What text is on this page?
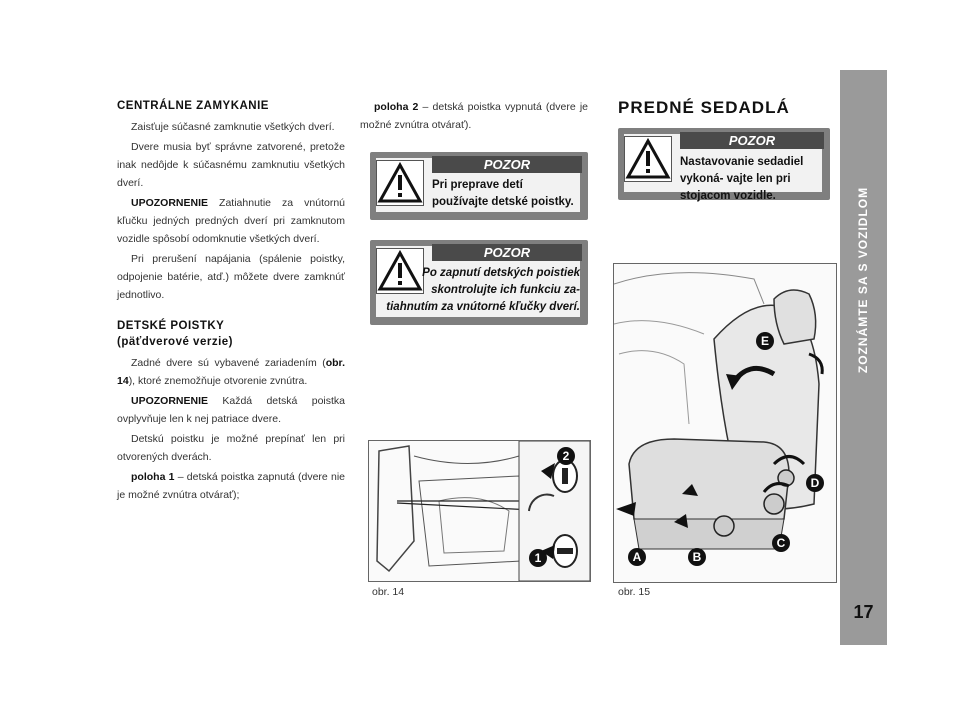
ZOZNÁMTE SA S VOZIDLOM
17
CENTRÁLNE ZAMYKANIE

Zaisťuje súčasné zamknutie všetkých dverí.

Dvere musia byť správne zatvorené, pretože inak nedôjde k súčasnému zamknutiu všetkých dverí.

UPOZORNENIE Zatiahnutie za vnútornú kľučku jedných predných dverí pri zamknutom vozidle spôsobí odomknutie všetkých dverí.

Pri prerušení napájania (spálenie poistky, odpojenie batérie, atď.) môžete dvere zamknúť jednotlivo.

DETSKÉ POISTKY
(päťdverové verzie)

Zadné dvere sú vybavené zariadením (obr. 14), ktoré znemožňuje otvorenie zvnútra.

UPOZORNENIE Každá detská poistka ovplyvňuje len k nej patriace dvere.

Detskú poistku je možné prepínať len pri otvorených dverách.

poloha 1 – detská poistka zapnutá (dvere nie je možné zvnútra otvárať);

poloha 2 – detská poistka vypnutá (dvere je možné zvnútra otvárať).

POZOR
Pri preprave detí používajte detské poistky.
POZOR
Po zapnutí detských poistiek skontrolujte ich funkciu za- tiahnutím za vnútorné kľučky dverí.
2
1
obr. 14
PREDNÉ SEDADLÁ
POZOR
Nastavovanie sedadiel vykoná- vajte len pri stojacom vozidle.
A	B
C
D
E
obr. 15
